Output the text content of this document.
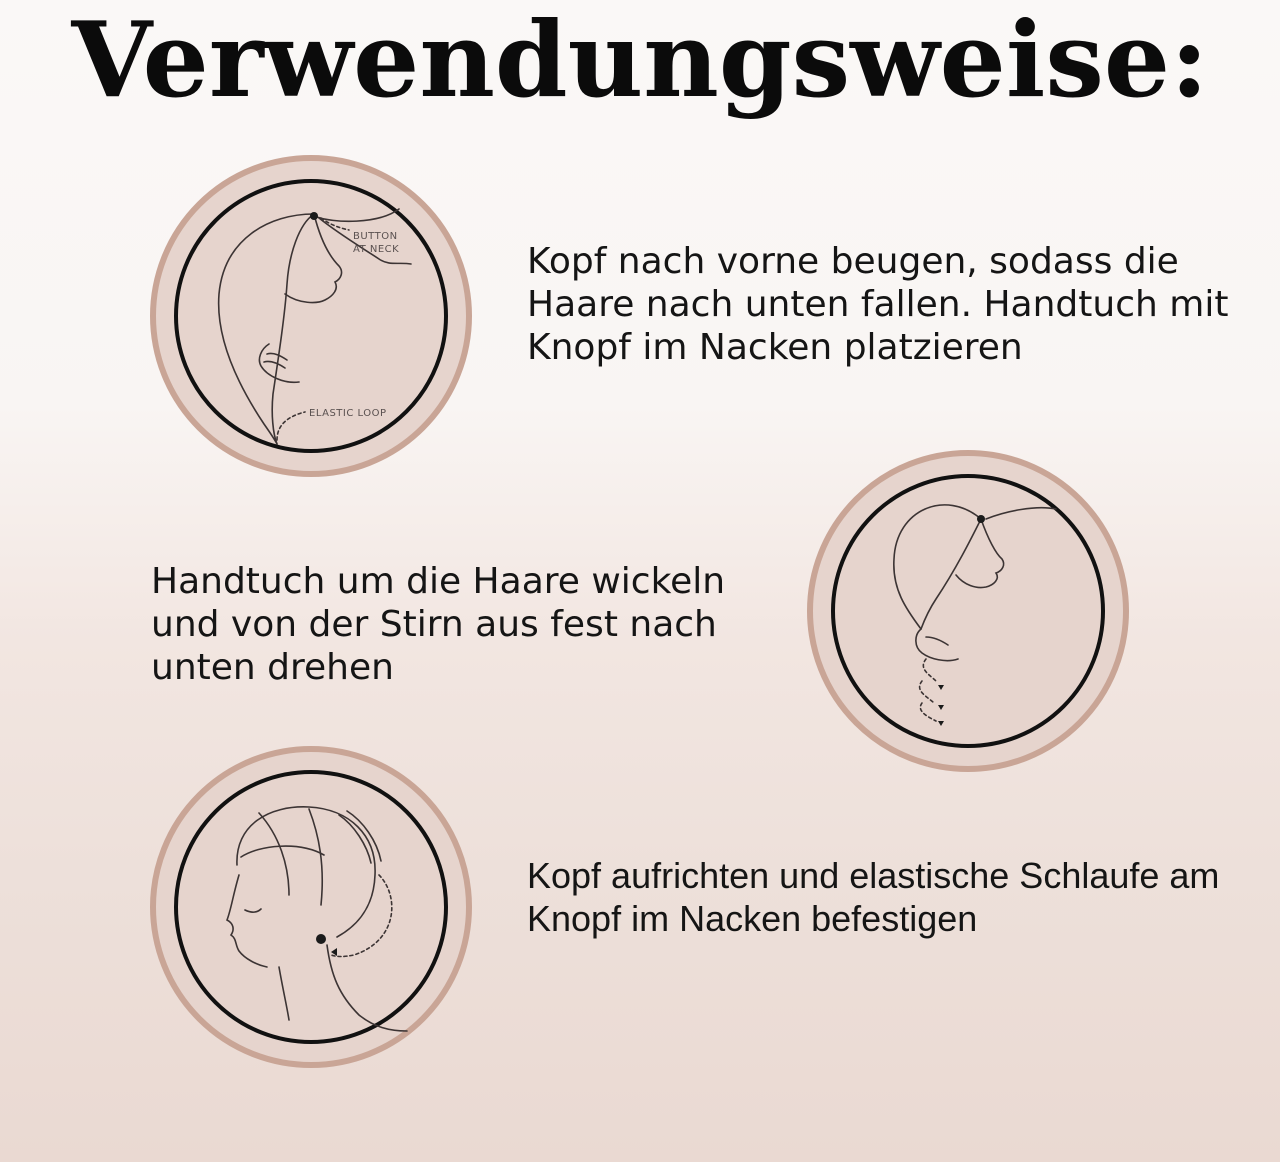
Verwendungsweise:
BUTTON
AT NECK
ELASTIC LOOP
Kopf nach vorne beugen, sodass die
Haare nach unten fallen. Handtuch mit
Knopf im Nacken platzieren
Handtuch um die Haare wickeln
und von der Stirn aus fest nach
unten drehen
Kopf aufrichten und elastische Schlaufe am
Knopf im Nacken befestigen
